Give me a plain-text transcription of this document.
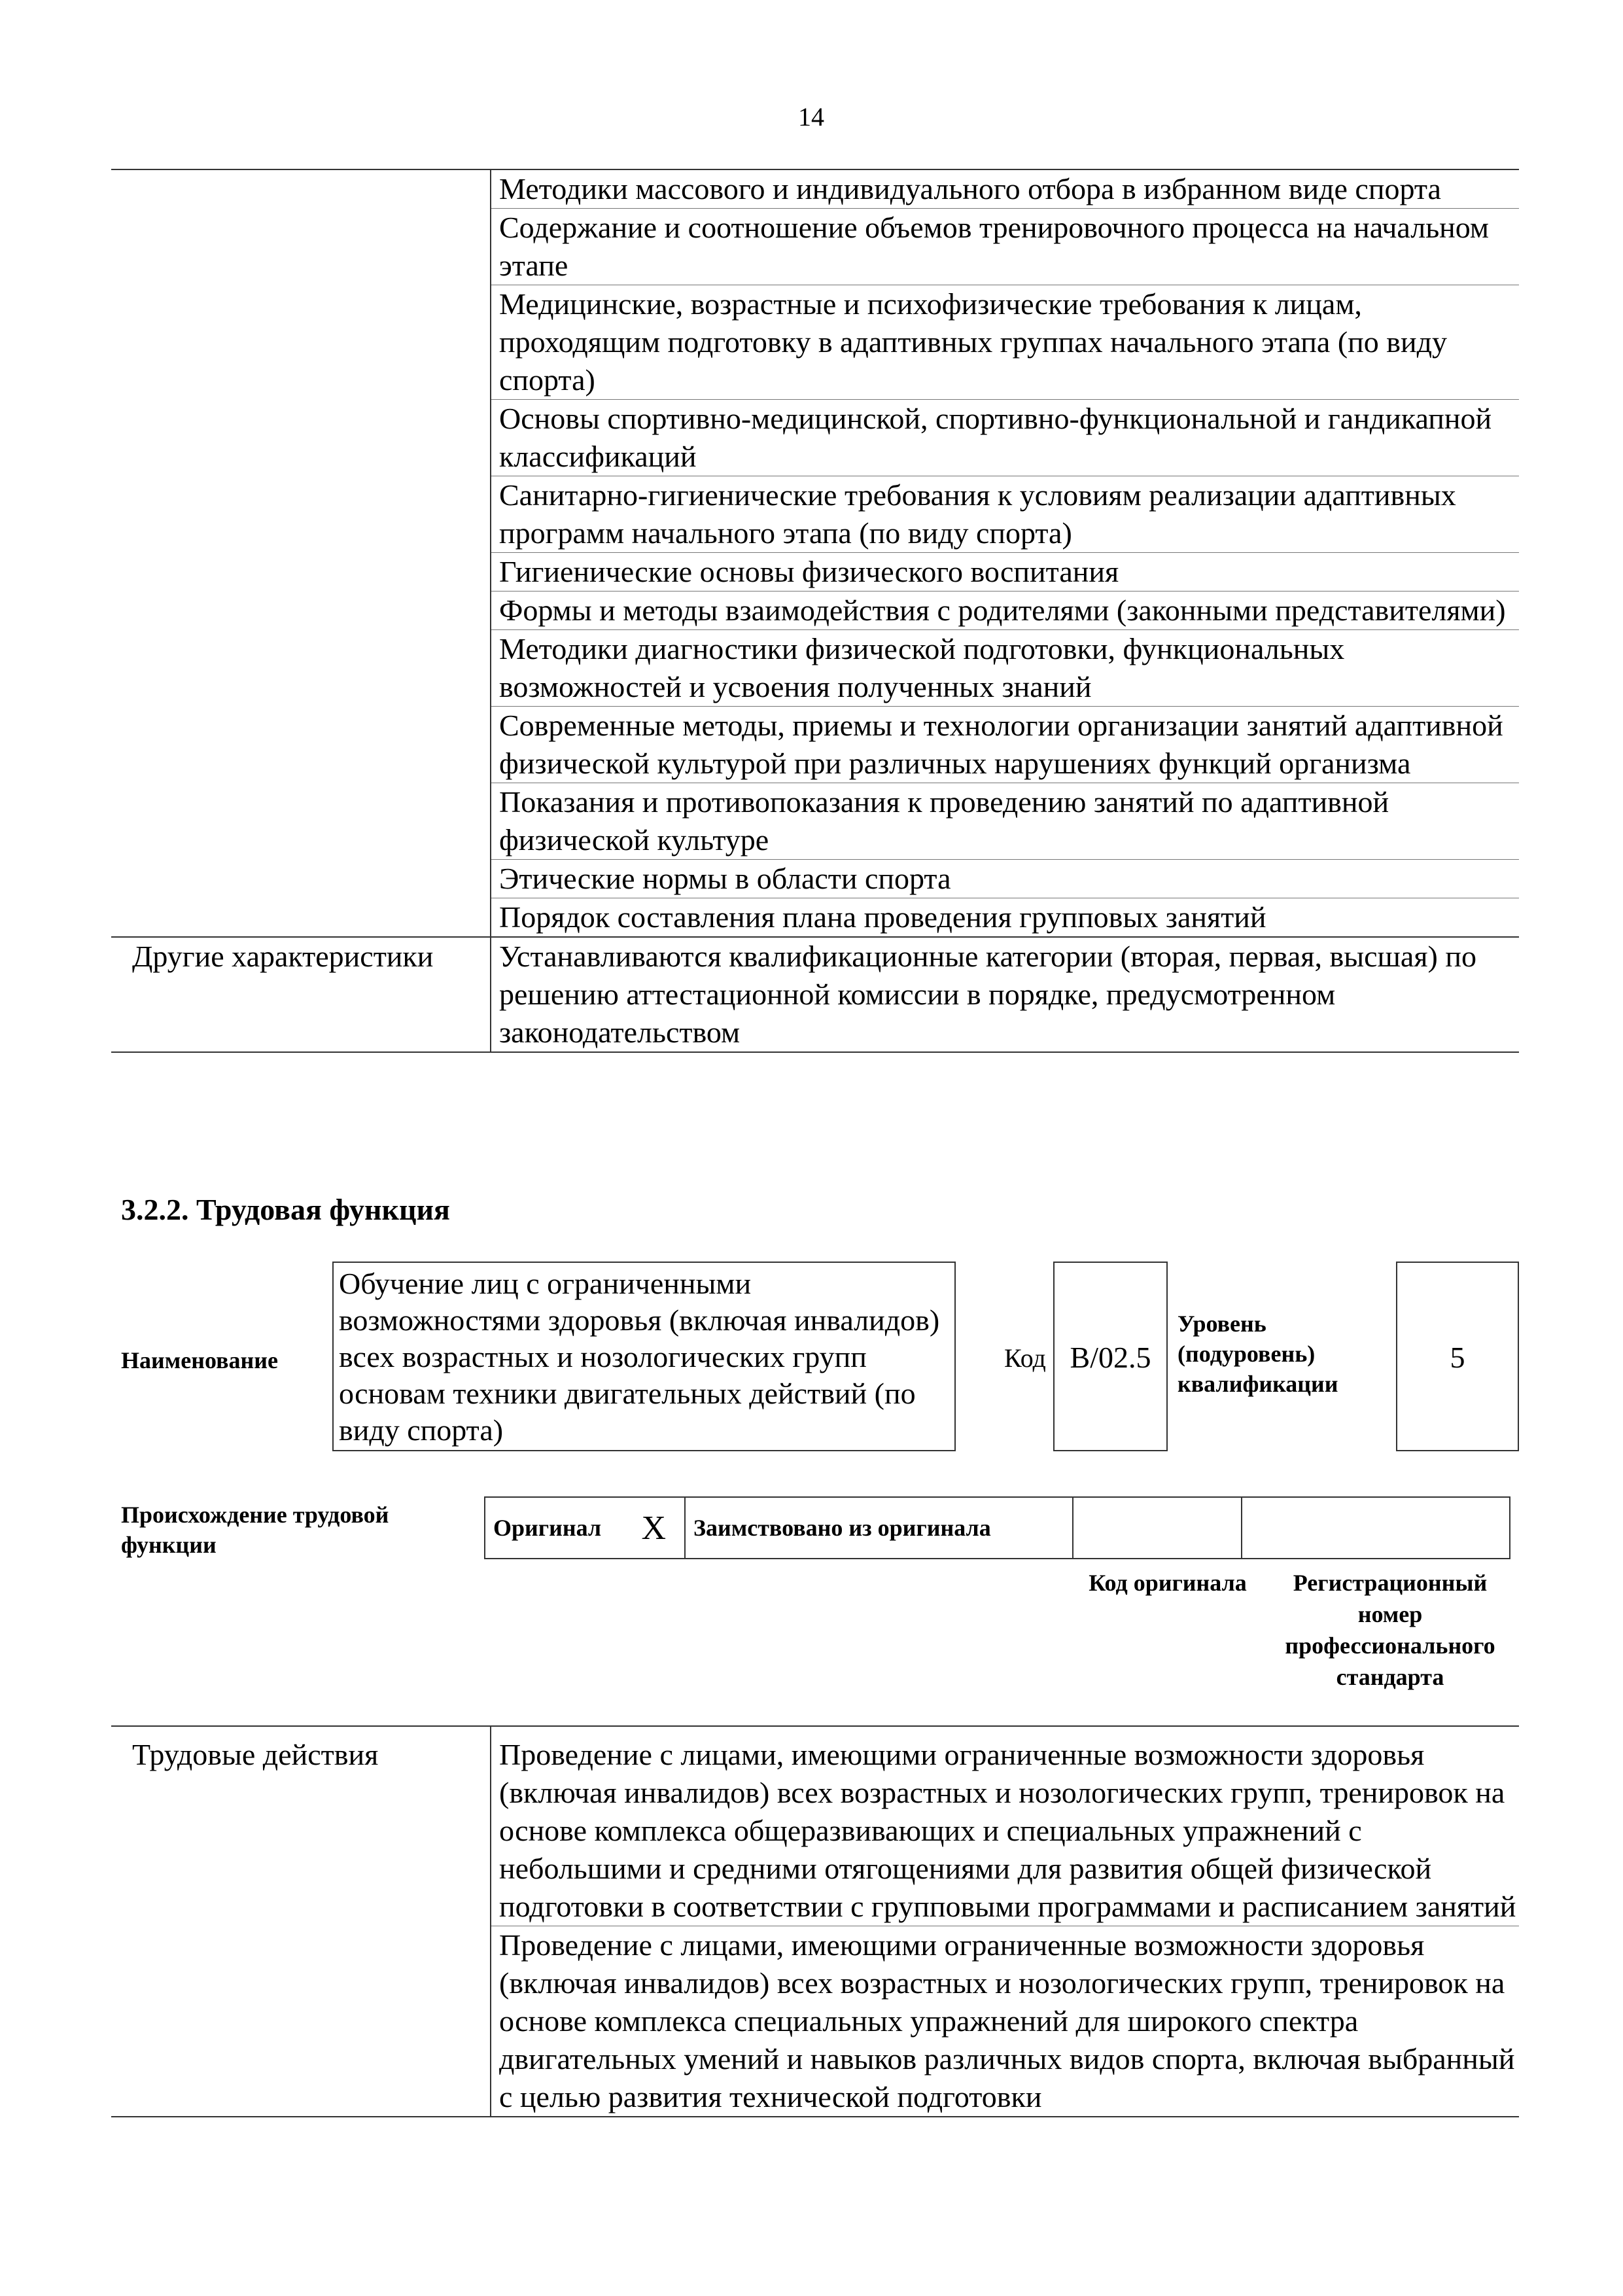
14
	Методики массового и индивидуального отбора в избранном виде спорта
	Содержание и соотношение объемов тренировочного процесса на начальном этапе
	Медицинские, возрастные и психофизические требования к лицам, проходящим подготовку в адаптивных группах начального этапа (по виду спорта)
	Основы спортивно-медицинской, спортивно-функциональной и гандикапной классификаций
	Санитарно-гигиенические требования к условиям реализации адаптивных программ начального этапа (по виду спорта)
	Гигиенические основы физического воспитания
	Формы и методы взаимодействия с родителями (законными представителями)
	Методики диагностики физической подготовки, функциональных возможностей и усвоения полученных знаний
	Современные методы, приемы и технологии организации занятий адаптивной физической культурой при различных нарушениях функций организма
	Показания и противопоказания к проведению занятий по адаптивной физической культуре
	Этические нормы в области спорта
	Порядок составления плана проведения групповых занятий
Другие характеристики	Устанавливаются квалификационные категории (вторая, первая, высшая) по решению аттестационной комиссии в порядке, предусмотренном законодательством
3.2.2. Трудовая функция
Наименование
Обучение лиц с ограниченными возможностями здоровья (включая инвалидов) всех возрастных и нозологических групп основам техники двигательных действий (по виду спорта)
Код B/02.5
Уровень (подуровень) квалификации
5
Происхождение трудовой функции
Оригинал	X	Заимствовано из оригинала		
Код оригинала	Регистрационный номер профессионального стандарта
Трудовые действия	Проведение с лицами, имеющими ограниченные возможности здоровья (включая инвалидов) всех возрастных и нозологических групп, тренировок на основе комплекса общеразвивающих и специальных упражнений с небольшими и средними отягощениями для развития общей физической подготовки в соответствии с групповыми программами и расписанием занятий
	Проведение с лицами, имеющими ограниченные возможности здоровья (включая инвалидов) всех возрастных и нозологических групп, тренировок на основе комплекса специальных упражнений для широкого спектра двигательных умений и навыков различных видов спорта, включая выбранный с целью развития технической подготовки
